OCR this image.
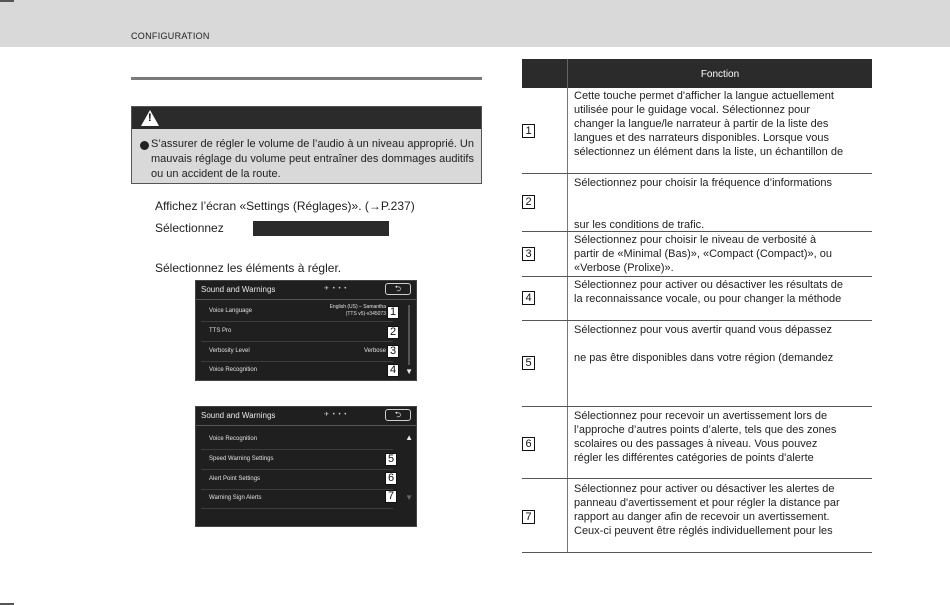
CONFIGURATION
!
S’assurer de régler le volume de l’audio à un niveau approprié. Un mauvais réglage du volume peut entraîner des dommages auditifs ou un accident de la route.
Affichez l’écran «Settings (Réglages)». (→P.237)
Sélectionnez
Sélectionnez les éléments à régler.
Sound and Warnings	✈ • • •	⮌
Voice Language
English (US) – Samantha
(TTS v5)-v345073
TTS Pro
Verbosity Level	Verbose
Voice Recognition	▼
1
2
3
4
Sound and Warnings	✈ • • •	⮌
Voice Recognition
Speed Warning Settings
Alert Point Settings
Warning Sign Alerts
▲
▼
5
6
7
Fonction
1
Cette touche permet d'afficher la langue actuellement
utilisée pour le guidage vocal. Sélectionnez pour
changer la langue/le narrateur à partir de la liste des
langues et des narrateurs disponibles. Lorsque vous
sélectionnez un élément dans la liste, un échantillon de
2
Sélectionnez pour choisir la fréquence d’informations
sur les conditions de trafic.
3
Sélectionnez pour choisir le niveau de verbosité à
partir de «Minimal (Bas)», «Compact (Compact)», ou
«Verbose (Prolixe)».
4
Sélectionnez pour activer ou désactiver les résultats de
la reconnaissance vocale, ou pour changer la méthode
5
Sélectionnez pour vous avertir quand vous dépassez
ne pas être disponibles dans votre région (demandez
6
Sélectionnez pour recevoir un avertissement lors de
l’approche d’autres points d’alerte, tels que des zones
scolaires ou des passages à niveau. Vous pouvez
régler les différentes catégories de points d'alerte
7
Sélectionnez pour activer ou désactiver les alertes de
panneau d'avertissement et pour régler la distance par
rapport au danger afin de recevoir un avertissement.
Ceux-ci peuvent être réglés individuellement pour les
